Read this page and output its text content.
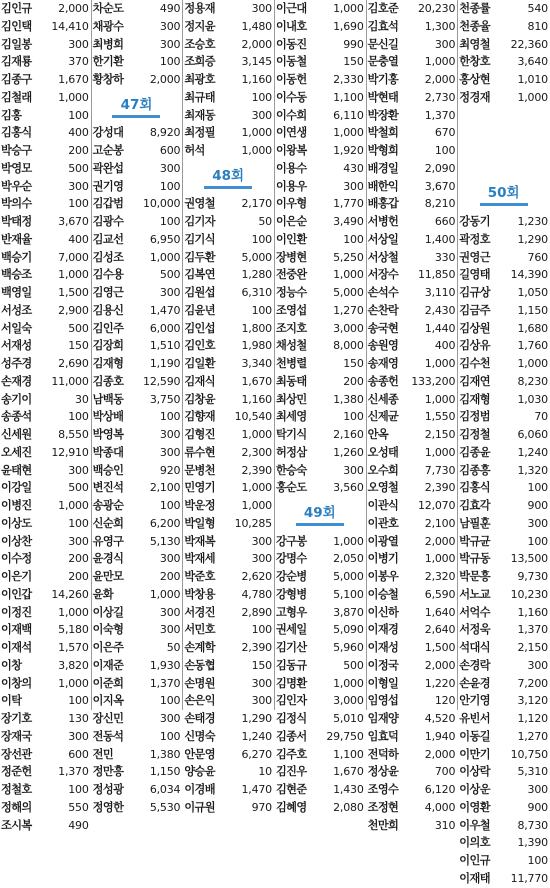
김인규 2,000
김인택 14,410
김일봉	300
김재룡	370
김종구 1,670
김철래 1,000
김홍	100
김홍식	400
박승구	200
박영모	500
박우순	300
박의수	100
박태정 3,670
반재율	400
백승기 7,000
백승조 1,000
백영일 1,500
서성조 2,900
서일숙	500
서재성	150
성주경 2,690
손재경 11,000
송기이	30
송종석	100
신세원 8,550
오세진 12,910
윤태현	300
이강일	500
이병진 1,000
이상도	100
이상찬	300
이수정	200
이은기	200
이인갑 14,260
이정진 1,000
이재백 5,180
이재석 1,570
이창	3,820
이창의 1,000
이탁	100
장기호	130
장재국	300
장선관	600
정준헌 1,370
정철호	100
정해의	550
조시복	490
차순도	490
채광수	300
최병희	300
한기환	100
황창하 2,000
47회
강성대 8,920
고순봉	600
곽완섭	300
권기영	100
김갑범 10,000
김광수	100
김교선 6,950
김성조 1,000
김수용	500
김영근	300
김용신 1,470
김인주 6,000
김장희 1,510
김재형 1,190
김종호 12,590
남백동 3,750
박상배	100
박영복	300
박종대	300
백승인	920
변진석 2,100
송광순	100
신순희 6,200
유영구 5,130
윤경식	300
윤만모	200
윤화	1,000
이상길	300
이숙형	300
이은주	50
이재준 1,930
이준희 1,370
이지옥	100
장신민	300
전동석	100
전민	1,380
정만흥 1,150
정성광 6,034
정영한 5,530
정용재	300
정지윤 1,480
조승호 2,000
조희증 3,145
최광호 1,160
최규태	100
최재동	300
최정필 1,000
허석	1,000
48회
권영철 2,170
김기자	50
김기식	100
김두환 5,000
김복연 1,280
김원섭 6,310
김윤년	100
김인섭 1,800
김인호 1,980
김일환 3,340
김재식 1,670
김창윤 1,160
김향재 10,540
김형진 1,000
류수현 2,300
문병천 2,390
민영기 1,000
박운정 1,000
박일형 10,285
박재복	300
박재세	300
박준호 2,620
박창용 4,780
서경진 2,890
서민호	100
손계학 2,390
손동협	150
손명원	300
손은익	300
손태경 1,290
신명숙 1,240
안문영 6,270
양승윤	10
이경배 1,470
이규원	970
이근대 1,000
이내호 1,690
이동진	990
이동철	150
이동헌 2,330
이수동 1,100
이수희 6,110
이연생 1,000
이왕복 1,920
이용수	430
이용우	300
이우형 1,770
이은순 3,490
이인환	100
장병현 5,250
전중완 1,000
정능수 5,000
조영섭 1,270
조지호 3,000
채성철 8,000
천병렬	150
최동태	200
최상민 1,380
최세영	100
탁기식 2,160
허정삼 1,260
한승숙	300
홍순도 3,560
49회
강구봉 1,000
강명수 2,050
강순병 5,000
강형병 5,100
고형우 3,870
권세일 5,090
김기산 5,960
김동규	500
김명환 1,000
김인자 3,000
김정식 5,010
김종서 29,750
김주호 1,100
김진우 1,670
김현준 1,430
김혜영 2,080
김호준 20,230
김효석 1,300
문신길	300
문충열 1,000
박기홍 2,000
박현태 2,730
박장환 1,370
박철희	670
박형희	100
배경일 2,090
배한익 3,670
배홍갑 8,210
서병헌	660
서상일 1,400
서상철	330
서장수 11,850
손석수 3,110
손찬락 2,430
송국현 1,440
송원영	400
송재영 1,000
송종헌 133,200
신세종 1,000
신제균 1,550
안옥	2,150
오성태 1,000
오수희 7,730
오영철 2,390
이관식 12,070
이관호 2,100
이광열 2,000
이병기 1,000
이봉우 2,320
이승철 6,590
이신하 1,640
이재경 2,640
이재성 1,500
이정국 2,000
이형일 1,220
임영섭	120
임재양 4,520
임효덕 1,940
전덕하 2,000
정상윤	700
조영수 6,120
조정현 4,000
천만희	310
천종률	540
천종율	810
최영철 22,360
한창호	3,640
홍상현	1,010
정경재	1,000
50회
강동기	1,230
곽정호	1,290
권영근	760
길영태 14,390
김규상	1,050
김금주	1,150
김상원	1,680
김상유	1,760
김수천	1,000
김재연	8,230
김재형	1,030
김정범	70
김정철	6,060
김종윤	1,240
김종흥	1,320
김홍식	100
김효각	900
남필훈	300
박규균	100
박규동 13,500
박문흥	9,730
서노교 10,230
서억수	1,160
서정욱	1,370
석대식	2,150
손경락	300
손윤경	7,200
안기영	3,120
유빈서	1,120
이동길	1,270
이만기 10,750
이상락	5,310
이상운	300
이영환	900
이우철	8,730
이의호	1,390
이인규	100
이재태 11,770
